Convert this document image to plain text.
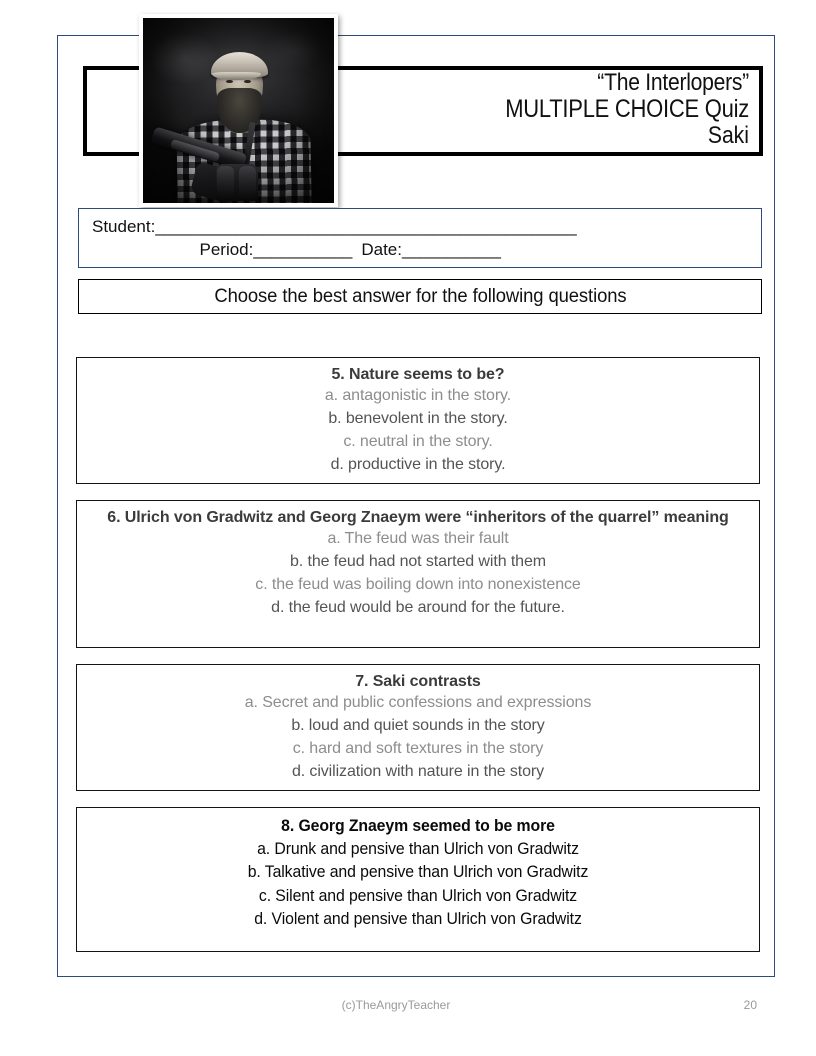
“The Interlopers”
MULTIPLE CHOICE Quiz
Saki
Student:_______________________________________________
Period:___________ Date:___________
Choose the best answer for the following questions
5. Nature seems to be?
a. antagonistic in the story.
b. benevolent in the story.
c. neutral in the story.
d. productive in the story.
6. Ulrich von Gradwitz and Georg Znaeym were “inheritors of the quarrel” meaning
a. The feud was their fault
b. the feud had not started with them
c. the feud was boiling down into nonexistence
d. the feud would be around for the future.
7. Saki contrasts
a. Secret and public confessions and expressions
b. loud and quiet sounds in the story
c. hard and soft textures in the story
d. civilization with nature in the story
8. Georg Znaeym seemed to be more
a. Drunk and pensive than Ulrich von Gradwitz
b. Talkative and pensive than Ulrich von Gradwitz
c. Silent and pensive than Ulrich von Gradwitz
d. Violent and pensive than Ulrich von Gradwitz
(c)TheAngryTeacher	20
